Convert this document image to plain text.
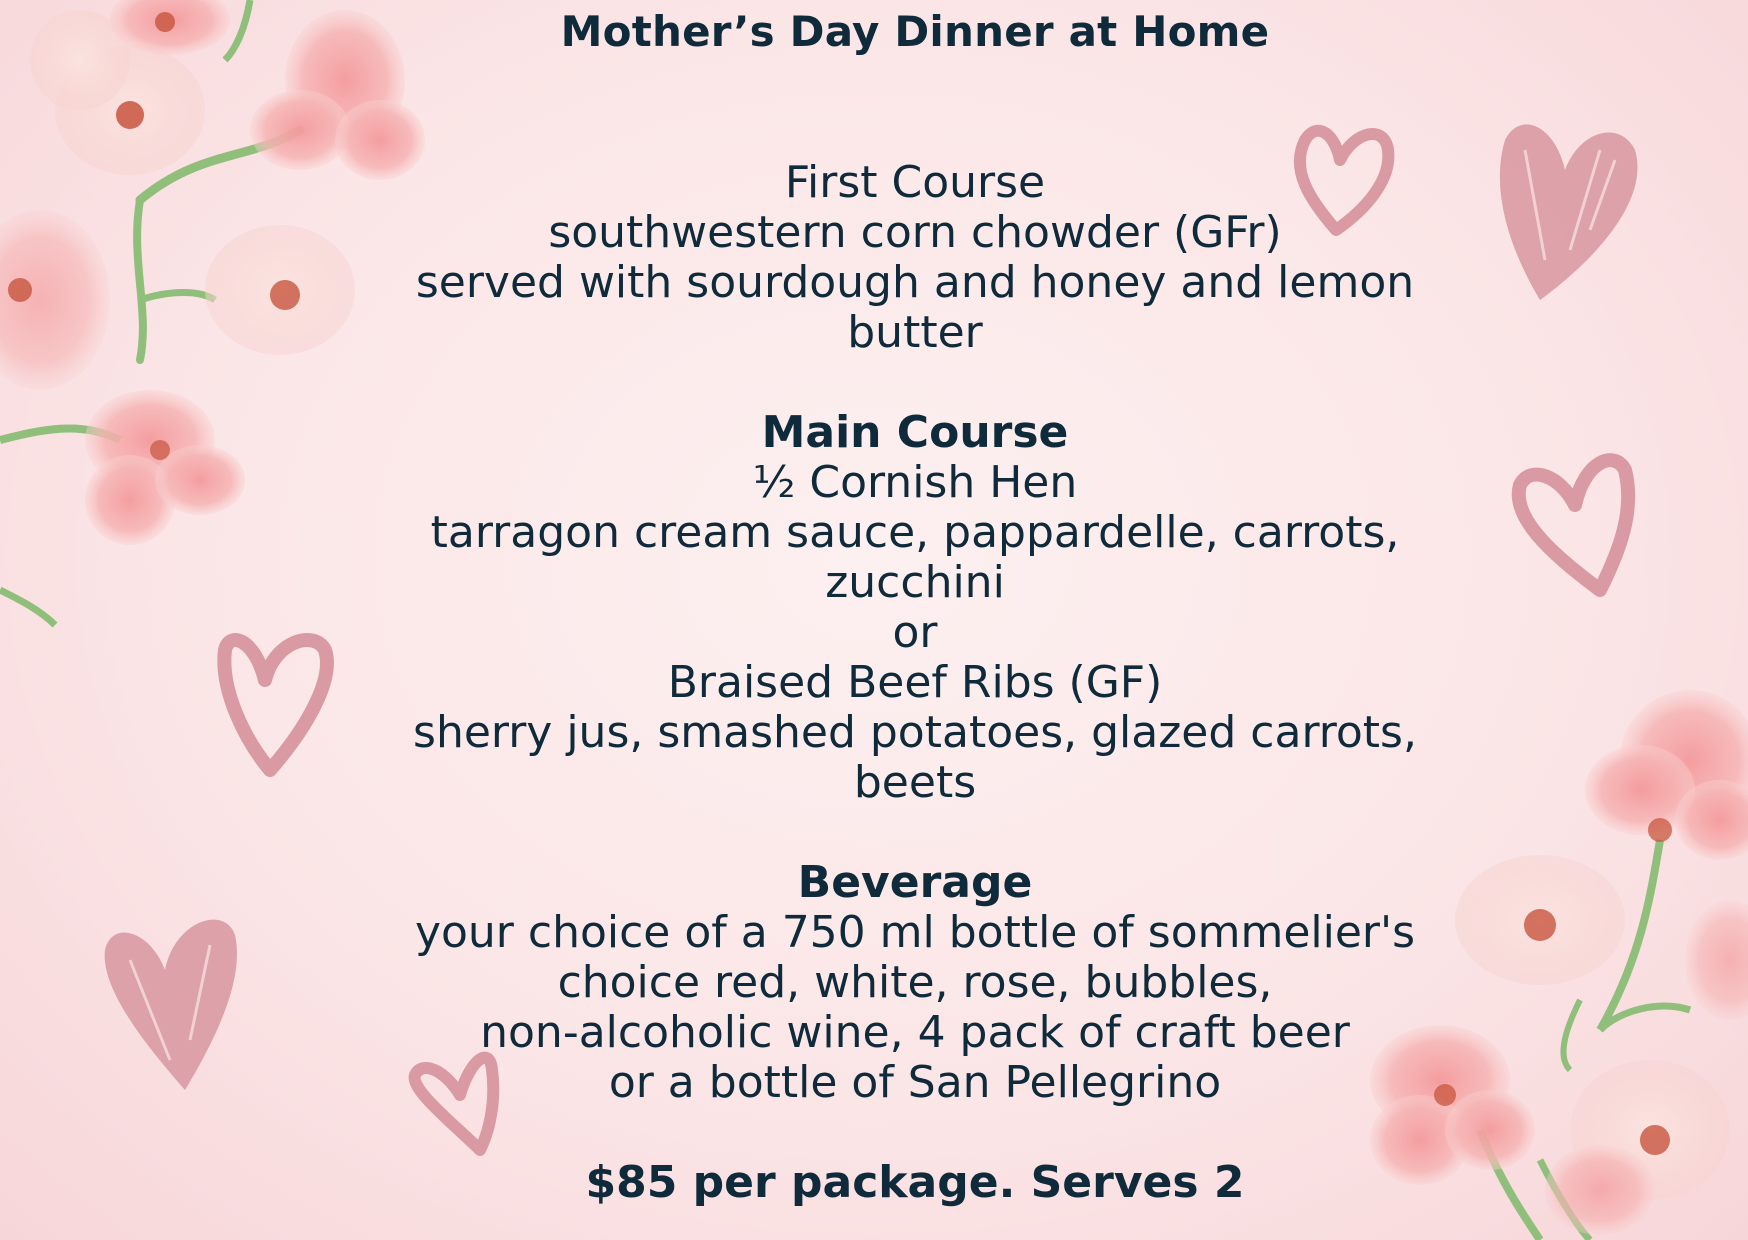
Mother’s Day Dinner at Home
First Course
southwestern corn chowder (GFr)
served with sourdough and honey and lemon
butter
Main Course
½ Cornish Hen
tarragon cream sauce, pappardelle, carrots,
zucchini
or
Braised Beef Ribs (GF)
sherry jus, smashed potatoes, glazed carrots,
beets
Beverage
your choice of a 750 ml bottle of sommelier's
choice red, white, rose, bubbles,
non-alcoholic wine, 4 pack of craft beer
or a bottle of San Pellegrino
$85 per package. Serves 2
